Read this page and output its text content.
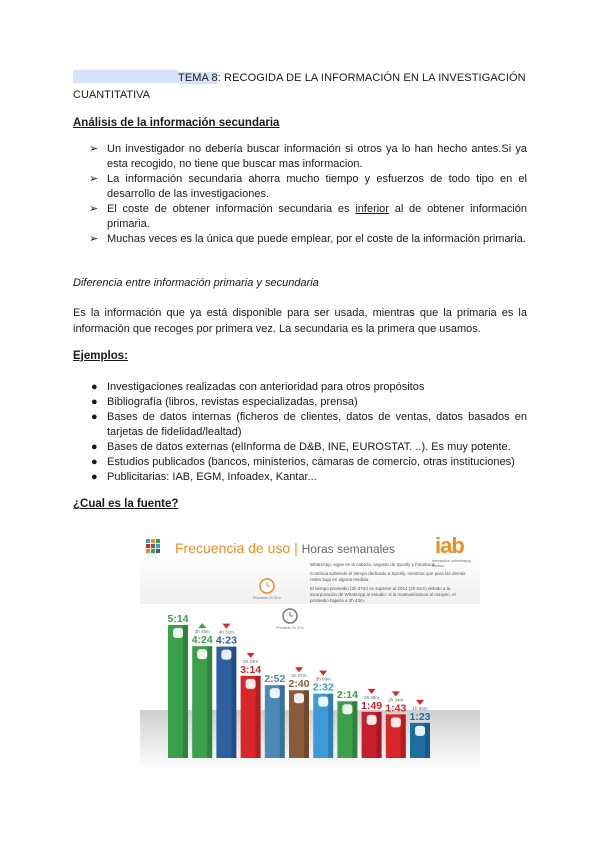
TEMA 8: RECOGIDA DE LA INFORMACIÓN EN LA INVESTIGACIÓN
CUANTITATIVA
Análisis de la información secundaria
➢ Un investigador no debería buscar información si otros ya lo han hecho antes.Si ya esta recogido, no tiene que buscar mas informacion.
➢ La información secundaria ahorra mucho tiempo y esfuerzos de todo tipo en el desarrollo de las investigaciones.
➢ El coste de obtener información secundaria es inferior al de obtener información primaria.
➢ Muchas veces es la única que puede emplear, por el coste de la información primaria.
Diferencia entre información primaria y secundaria
Es la información que ya está disponible para ser usada, mientras que la primaria es la información que recoges por primera vez. La secundaria es la primera que usamos.
Ejemplos:
● Investigaciones realizadas con anterioridad para otros propósitos
● Bibliografía (libros, revistas especializadas, prensa)
● Bases de datos internas (ficheros de clientes, datos de ventas, datos basados en tarjetas de fidelidad/lealtad)
● Bases de datos externas (elInforma de D&B, INE, EUROSTAT. ..). Es muy potente.
● Estudios publicados (bancos, ministerios, cámaras de comercio, otras instituciones)
● Publicitarias: IAB, EGM, Infoadex, Kantar...
¿Cual es la fuente?
Frecuencia de uso | Horas semanales iab
interactive advertising bureau

WhatsApp, sigue en la cabeza, seguido de Spotify y Facebook.

Continua subiendo el tiempo dedicado a Spotify, mientras que para las demás redes baja en alguna medida.

El tiempo promedio (2h 37m) es superior al 2014 (2h 51m) debido a la incorporación de WhatsApp al estudio: si la mantuviéramos al margen, el promedio bajaría a 2h 43m.

Promedio 2h 51m
Promedio 2h 37m
5:14
4:24
3h 45m
4:23
4h 31m
3:14
3h 34m
2:52 2:40
2h 07m
2:32
3h 09m
2:14
1:49
2h 38m
1:43
2h 34m
1:23
1h 56m
